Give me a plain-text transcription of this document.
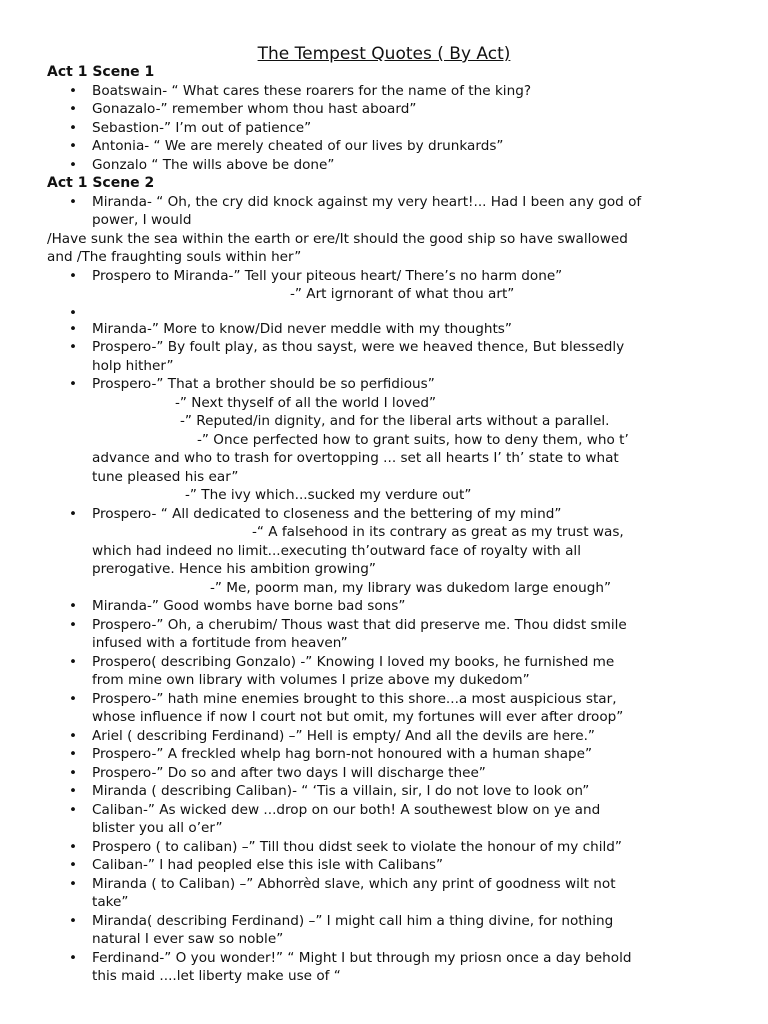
The Tempest Quotes ( By Act)
Act 1 Scene 1
• Boatswain- “ What cares these roarers for the name of the king?
• Gonazalo-” remember whom thou hast aboard”
• Sebastion-” I’m out of patience”
• Antonia- “ We are merely cheated of our lives by drunkards”
• Gonzalo “ The wills above be done”
Act 1 Scene 2
• Miranda- “ Oh, the cry did knock against my very heart!... Had I been any god of
power, I would
/Have sunk the sea within the earth or ere/It should the good ship so have swallowed
and /The fraughting souls within her”
• Prospero to Miranda-” Tell your piteous heart/ There’s no harm done”
-” Art igrnorant of what thou art”
•
• Miranda-” More to know/Did never meddle with my thoughts”
• Prospero-” By foult play, as thou sayst, were we heaved thence, But blessedly
holp hither”
• Prospero-” That a brother should be so perfidious”
-” Next thyself of all the world I loved”
-” Reputed/in dignity, and for the liberal arts without a parallel.
-” Once perfected how to grant suits, how to deny them, who t’
advance and who to trash for overtopping ... set all hearts I’ th’ state to what
tune pleased his ear”
-” The ivy which...sucked my verdure out”
• Prospero- “ All dedicated to closeness and the bettering of my mind”
-“ A falsehood in its contrary as great as my trust was,
which had indeed no limit...executing th’outward face of royalty with all
prerogative. Hence his ambition growing”
-” Me, poorm man, my library was dukedom large enough”
• Miranda-” Good wombs have borne bad sons”
• Prospero-” Oh, a cherubim/ Thous wast that did preserve me. Thou didst smile
infused with a fortitude from heaven”
• Prospero( describing Gonzalo) -” Knowing I loved my books, he furnished me
from mine own library with volumes I prize above my dukedom”
• Prospero-” hath mine enemies brought to this shore...a most auspicious star,
whose influence if now I court not but omit, my fortunes will ever after droop”
• Ariel ( describing Ferdinand) –” Hell is empty/ And all the devils are here.”
• Prospero-” A freckled whelp hag born-not honoured with a human shape”
• Prospero-” Do so and after two days I will discharge thee”
• Miranda ( describing Caliban)- “ ‘Tis a villain, sir, I do not love to look on”
• Caliban-” As wicked dew ...drop on our both! A southewest blow on ye and
blister you all o’er”
• Prospero ( to caliban) –” Till thou didst seek to violate the honour of my child”
• Caliban-” I had peopled else this isle with Calibans”
• Miranda ( to Caliban) –” Abhorrèd slave, which any print of goodness wilt not
take”
• Miranda( describing Ferdinand) –” I might call him a thing divine, for nothing
natural I ever saw so noble”
• Ferdinand-” O you wonder!” “ Might I but through my priosn once a day behold
this maid ....let liberty make use of “
